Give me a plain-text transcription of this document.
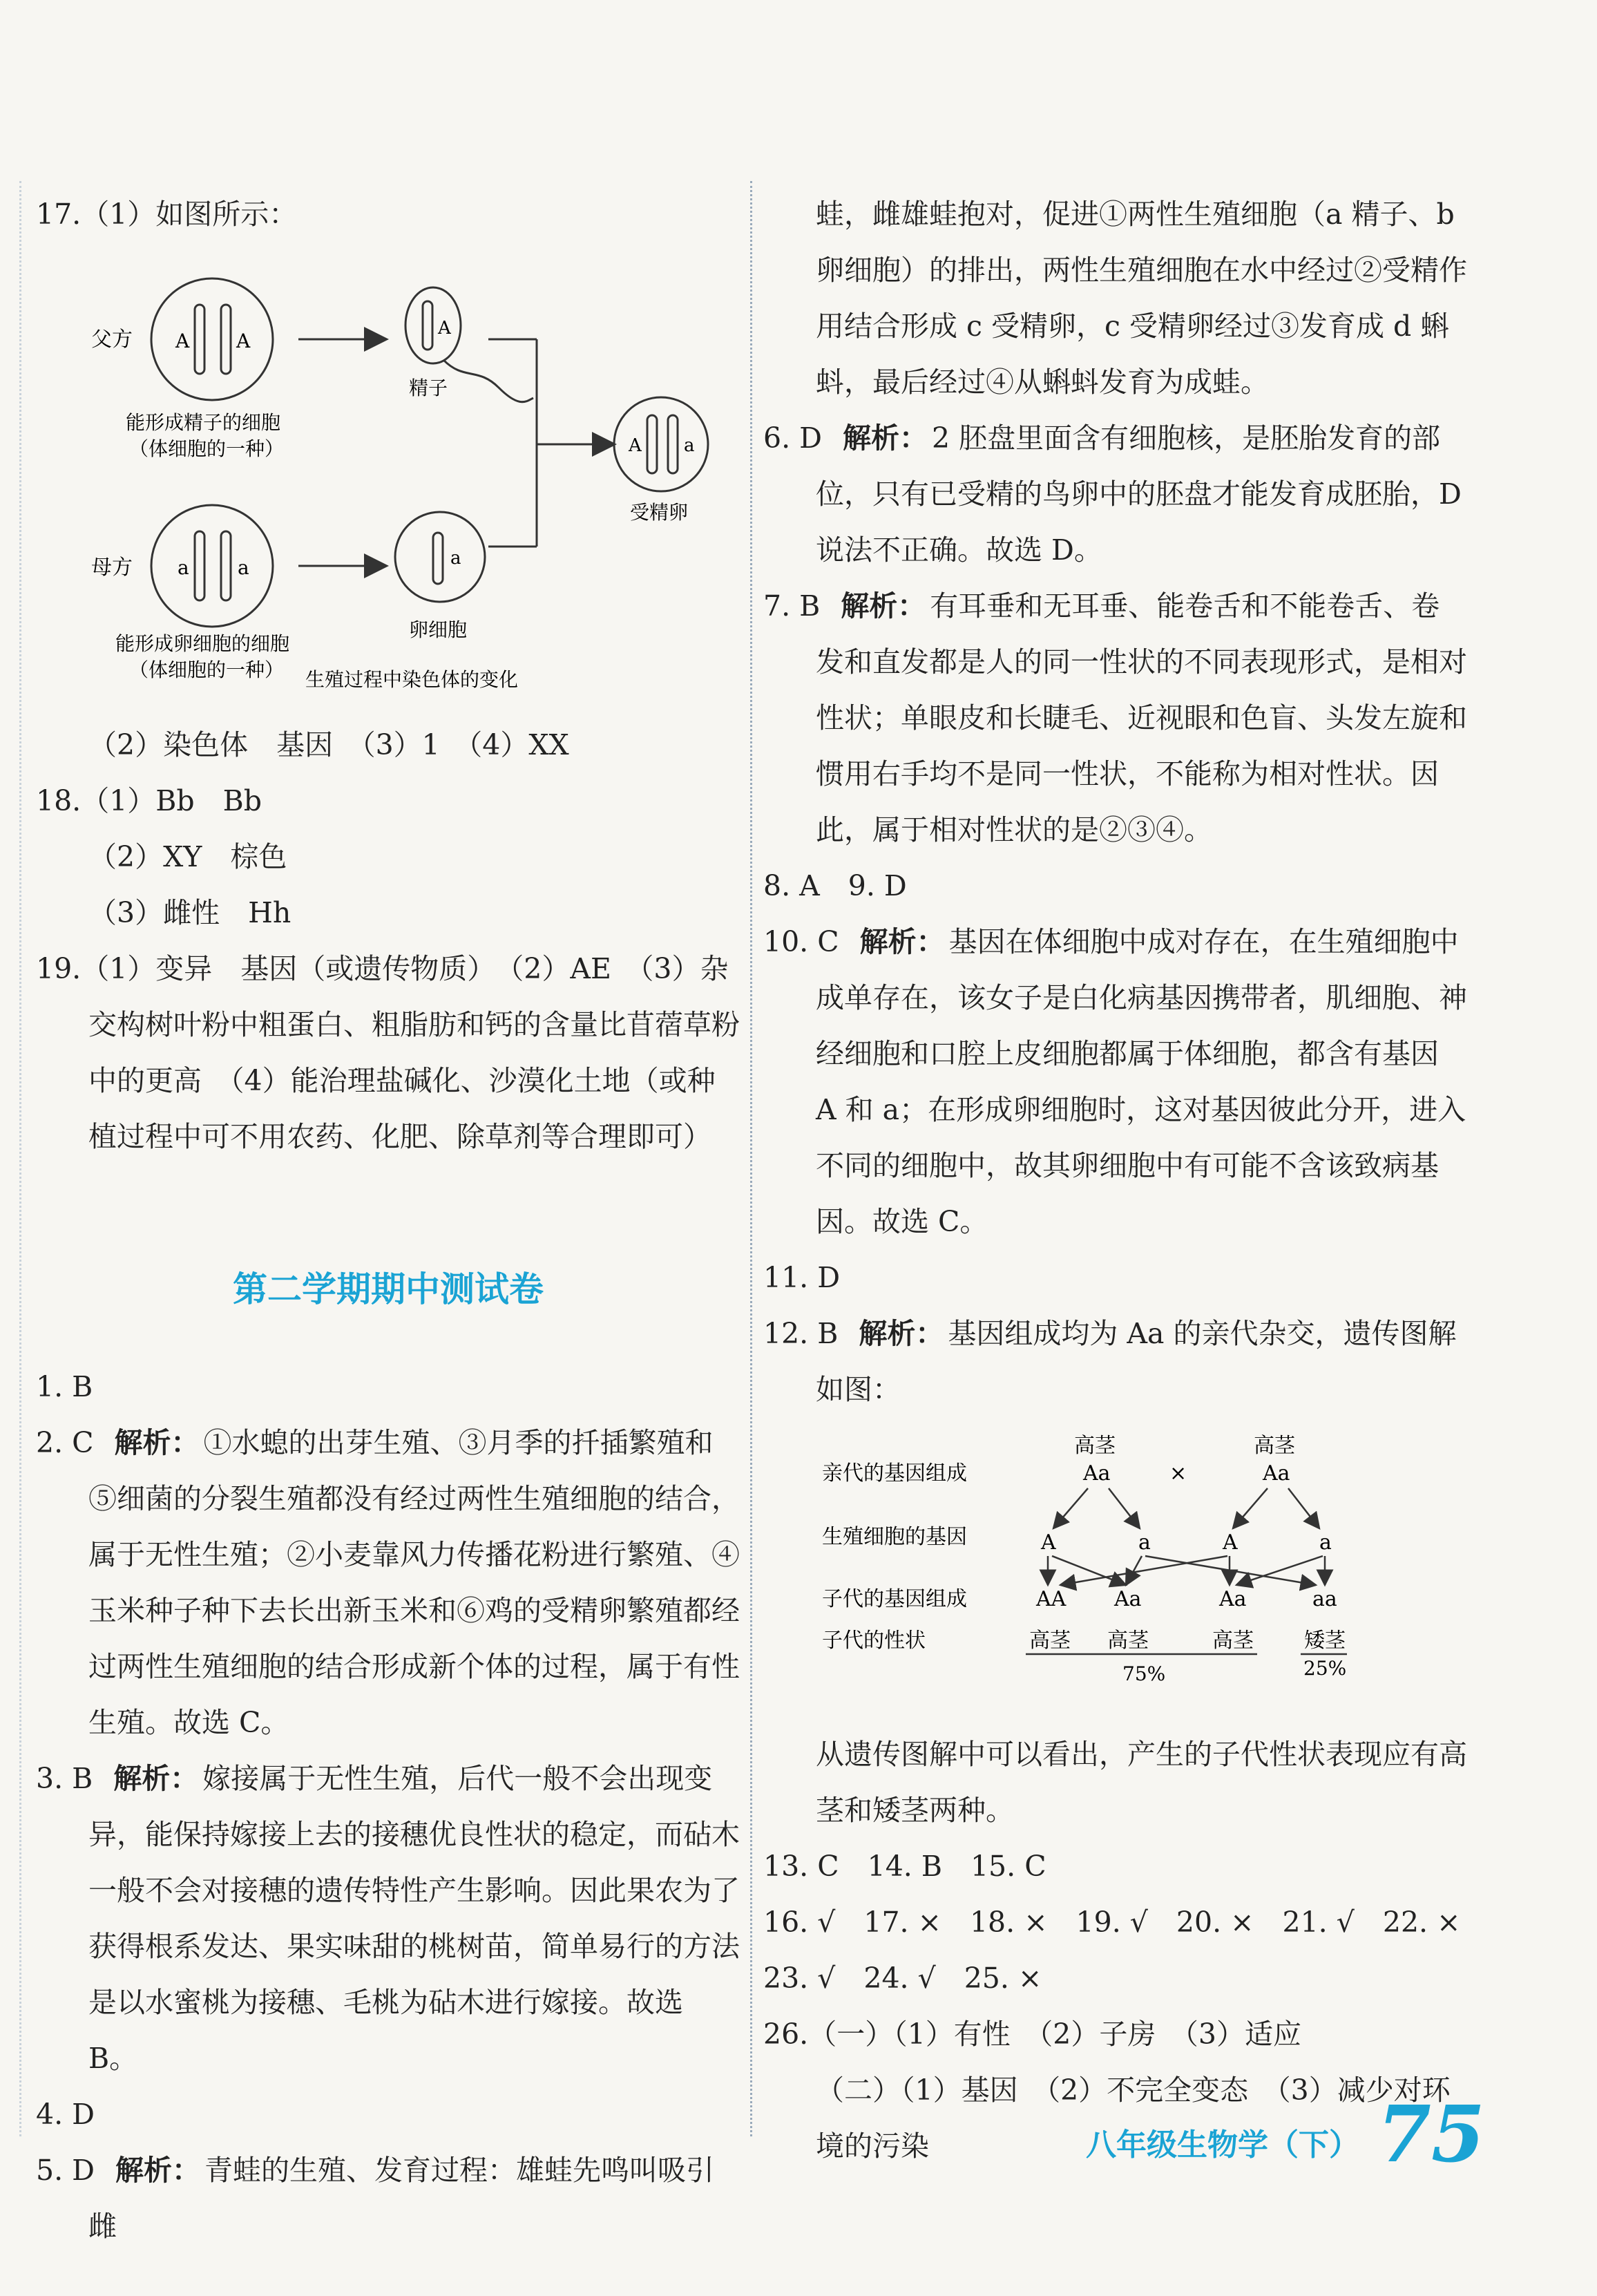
17.（1）如图所示：

父方 A A
能形成精子的细胞
（体细胞的一种）
A
精子
A a
受精卵
母方 a	a	a
卵细胞
能形成卵细胞的细胞
（体细胞的一种） 生殖过程中染色体的变化

（2）染色体　基因　（3）1　（4）XX

18.（1）Bb　Bb

（2）XY　棕色

（3）雌性　Hh

19.（1）变异　基因（或遗传物质）　（2）AE　（3）杂交构树叶粉中粗蛋白、粗脂肪和钙的含量比苜蓿草粉中的更高　（4）能治理盐碱化、沙漠化土地（或种植过程中可不用农药、化肥、除草剂等合理即可）

第二学期期中测试卷

1. B

2. C 解析： ①水螅的出芽生殖、③月季的扦插繁殖和⑤细菌的分裂生殖都没有经过两性生殖细胞的结合，属于无性生殖；②小麦靠风力传播花粉进行繁殖、④玉米种子种下去长出新玉米和⑥鸡的受精卵繁殖都经过两性生殖细胞的结合形成新个体的过程，属于有性生殖。故选 C。

3. B 解析： 嫁接属于无性生殖，后代一般不会出现变异，能保持嫁接上去的接穗优良性状的稳定，而砧木一般不会对接穗的遗传特性产生影响。因此果农为了获得根系发达、果实味甜的桃树苗，简单易行的方法是以水蜜桃为接穗、毛桃为砧木进行嫁接。故选 B。

4. D

5. D 解析： 青蛙的生殖、发育过程：雄蛙先鸣叫吸引雌

蛙，雌雄蛙抱对，促进①两性生殖细胞（a 精子、b 卵细胞）的排出，两性生殖细胞在水中经过②受精作用结合形成 c 受精卵，c 受精卵经过③发育成 d 蝌蚪，最后经过④从蝌蚪发育为成蛙。

6. D 解析： 2 胚盘里面含有细胞核，是胚胎发育的部位，只有已受精的鸟卵中的胚盘才能发育成胚胎，D 说法不正确。故选 D。

7. B 解析： 有耳垂和无耳垂、能卷舌和不能卷舌、卷发和直发都是人的同一性状的不同表现形式，是相对性状；单眼皮和长睫毛、近视眼和色盲、头发左旋和惯用右手均不是同一性状，不能称为相对性状。因此，属于相对性状的是②③④。

8. A　9. D

10. C 解析： 基因在体细胞中成对存在，在生殖细胞中成单存在，该女子是白化病基因携带者，肌细胞、神经细胞和口腔上皮细胞都属于体细胞，都含有基因 A 和 a；在形成卵细胞时，这对基因彼此分开，进入不同的细胞中，故其卵细胞中有可能不含该致病基因。故选 C。

11. D

12. B 解析： 基因组成均为 Aa 的亲代杂交，遗传图解如图：

亲代的基因组成
生殖细胞的基因
子代的基因组成
子代的性状
高茎
Aa	×
高茎
Aa
A	a	A	a
AA Aa	Aa	aa
高茎 高茎	高茎 矮茎
75%	25%

从遗传图解中可以看出，产生的子代性状表现应有高茎和矮茎两种。

13. C　14. B　15. C

16. √　17. ×　18. ×　19. √　20. ×　21. √　22. ×

23. √　24. √　25. ×

26.（一）（1）有性　（2）子房　（3）适应

（二）（1）基因　（2）不完全变态　（3）减少对环境的污染	八年级生物学（下） 75
